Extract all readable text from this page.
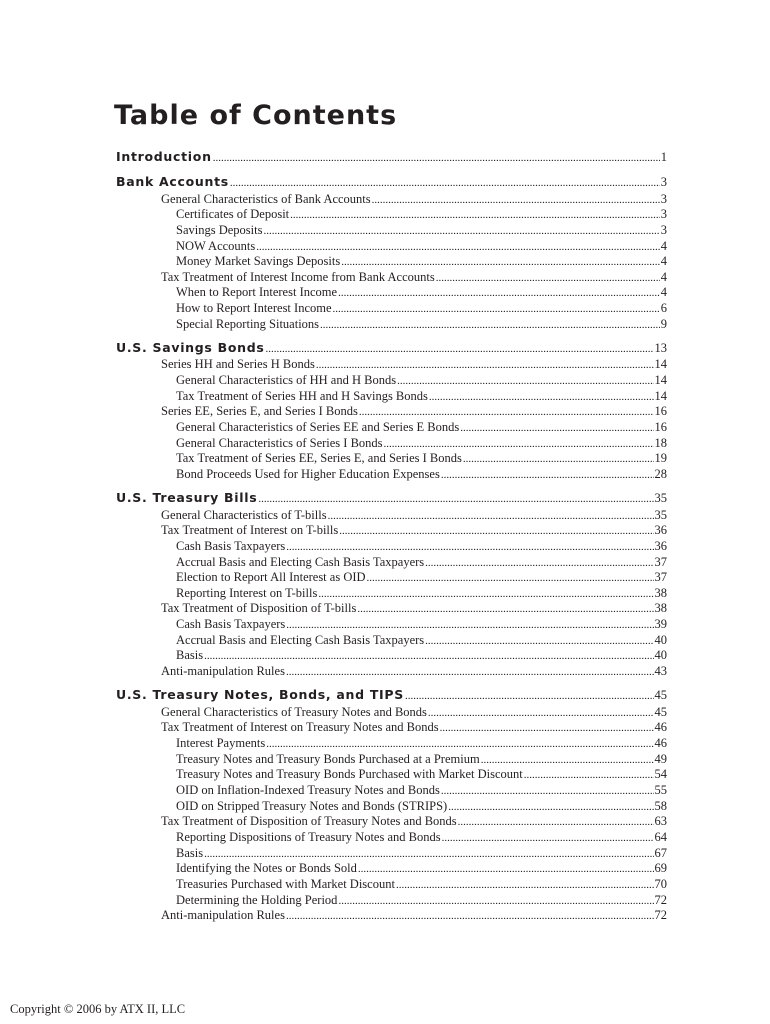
Table of Contents
Introduction .....	1
Bank Accounts .....	3
General Characteristics of Bank Accounts .....	3
Certificates of Deposit .....	3
Savings Deposits .....	3
NOW Accounts .....	4
Money Market Savings Deposits .....	4
Tax Treatment of Interest Income from Bank Accounts .....	4
When to Report Interest Income .....	4
How to Report Interest Income .....	6
Special Reporting Situations .....	9
U.S. Savings Bonds .....	13
Series HH and Series H Bonds .....	14
General Characteristics of HH and H Bonds .....	14
Tax Treatment of Series HH and H Savings Bonds .....	14
Series EE, Series E, and Series I Bonds .....	16
General Characteristics of Series EE and Series E Bonds .....	16
General Characteristics of Series I Bonds .....	18
Tax Treatment of Series EE, Series E, and Series I Bonds .....	19
Bond Proceeds Used for Higher Education Expenses .....	28
U.S. Treasury Bills .....	35
General Characteristics of T-bills .....	35
Tax Treatment of Interest on T-bills .....	36
Cash Basis Taxpayers .....	36
Accrual Basis and Electing Cash Basis Taxpayers .....	37
Election to Report All Interest as OID .....	37
Reporting Interest on T-bills .....	38
Tax Treatment of Disposition of T-bills .....	38
Cash Basis Taxpayers .....	39
Accrual Basis and Electing Cash Basis Taxpayers .....	40
Basis .....	40
Anti-manipulation Rules .....	43
U.S. Treasury Notes, Bonds, and TIPS .....	45
General Characteristics of Treasury Notes and Bonds .....	45
Tax Treatment of Interest on Treasury Notes and Bonds .....	46
Interest Payments .....	46
Treasury Notes and Treasury Bonds Purchased at a Premium .....	49
Treasury Notes and Treasury Bonds Purchased with Market Discount .....	54
OID on Inflation-Indexed Treasury Notes and Bonds .....	55
OID on Stripped Treasury Notes and Bonds (STRIPS) .....	58
Tax Treatment of Disposition of Treasury Notes and Bonds .....	63
Reporting Dispositions of Treasury Notes and Bonds .....	64
Basis .....	67
Identifying the Notes or Bonds Sold .....	69
Treasuries Purchased with Market Discount .....	70
Determining the Holding Period .....	72
Anti-manipulation Rules .....	72

Copyright © 2006 by ATX II, LLC
